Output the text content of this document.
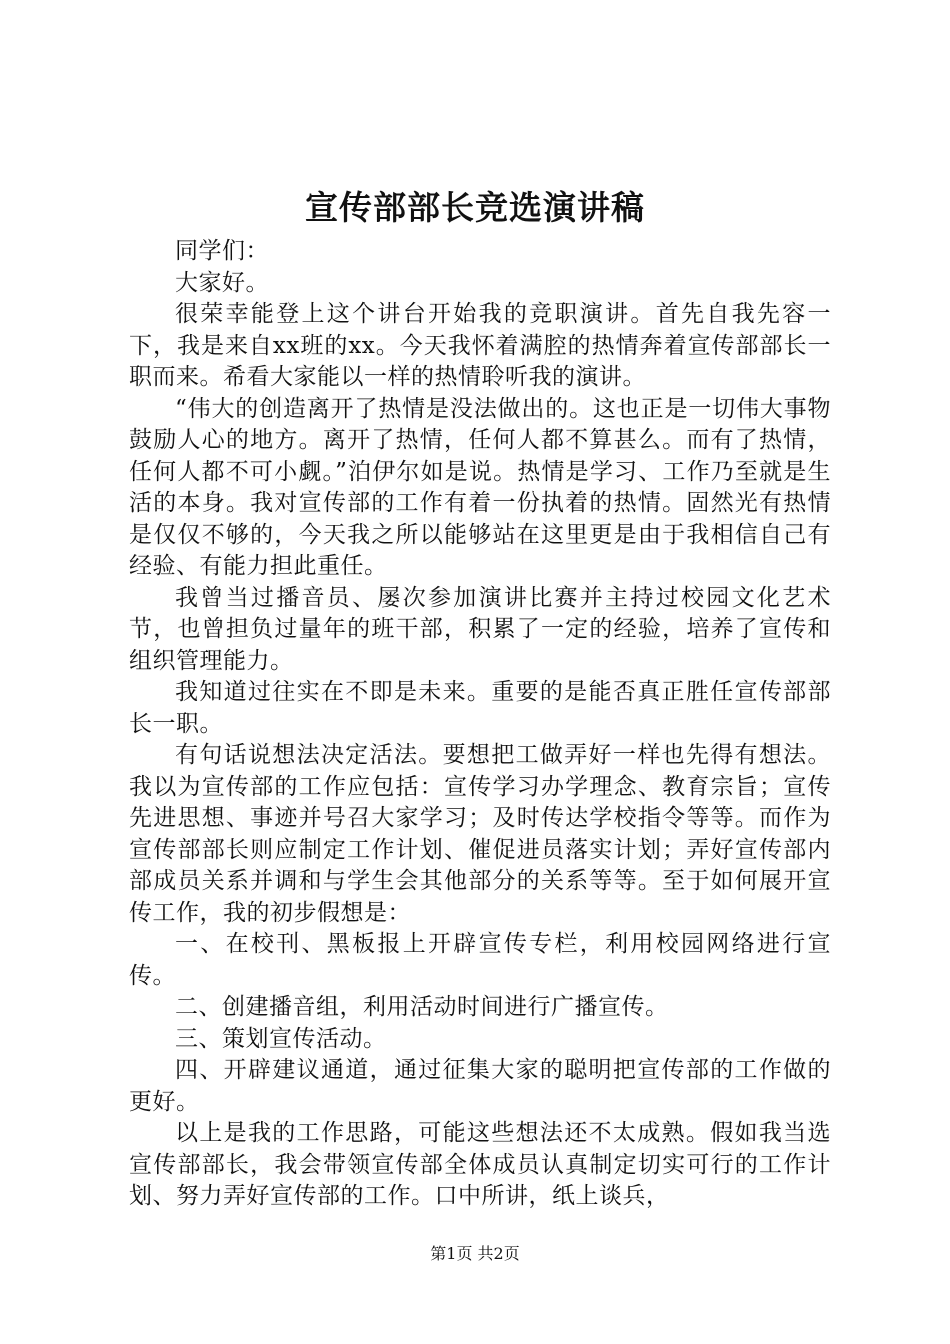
宣传部部长竞选演讲稿

同学们：

大家好。

很荣幸能登上这个讲台开始我的竞职演讲。首先自我先容一下，我是来自xx班的xx。今天我怀着满腔的热情奔着宣传部部长一职而来。希看大家能以一样的热情聆听我的演讲。

“伟大的创造离开了热情是没法做出的。这也正是一切伟大事物鼓励人心的地方。离开了热情，任何人都不算甚么。而有了热情，任何人都不可小觑。”泊伊尔如是说。热情是学习、工作乃至就是生活的本身。我对宣传部的工作有着一份执着的热情。固然光有热情是仅仅不够的，今天我之所以能够站在这里更是由于我相信自己有经验、有能力担此重任。

我曾当过播音员、屡次参加演讲比赛并主持过校园文化艺术节，也曾担负过量年的班干部，积累了一定的经验，培养了宣传和组织管理能力。

我知道过往实在不即是未来。重要的是能否真正胜任宣传部部长一职。

有句话说想法决定活法。要想把工做弄好一样也先得有想法。我以为宣传部的工作应包括：宣传学习办学理念、教育宗旨；宣传先进思想、事迹并号召大家学习；及时传达学校指令等等。而作为宣传部部长则应制定工作计划、催促进员落实计划；弄好宣传部内部成员关系并调和与学生会其他部分的关系等等。至于如何展开宣传工作，我的初步假想是：

一、在校刊、黑板报上开辟宣传专栏，利用校园网络进行宣传。

二、创建播音组，利用活动时间进行广播宣传。

三、策划宣传活动。

四、开辟建议通道，通过征集大家的聪明把宣传部的工作做的更好。

以上是我的工作思路，可能这些想法还不太成熟。假如我当选宣传部部长，我会带领宣传部全体成员认真制定切实可行的工作计划、努力弄好宣传部的工作。口中所讲，纸上谈兵，

第1页 共2页
